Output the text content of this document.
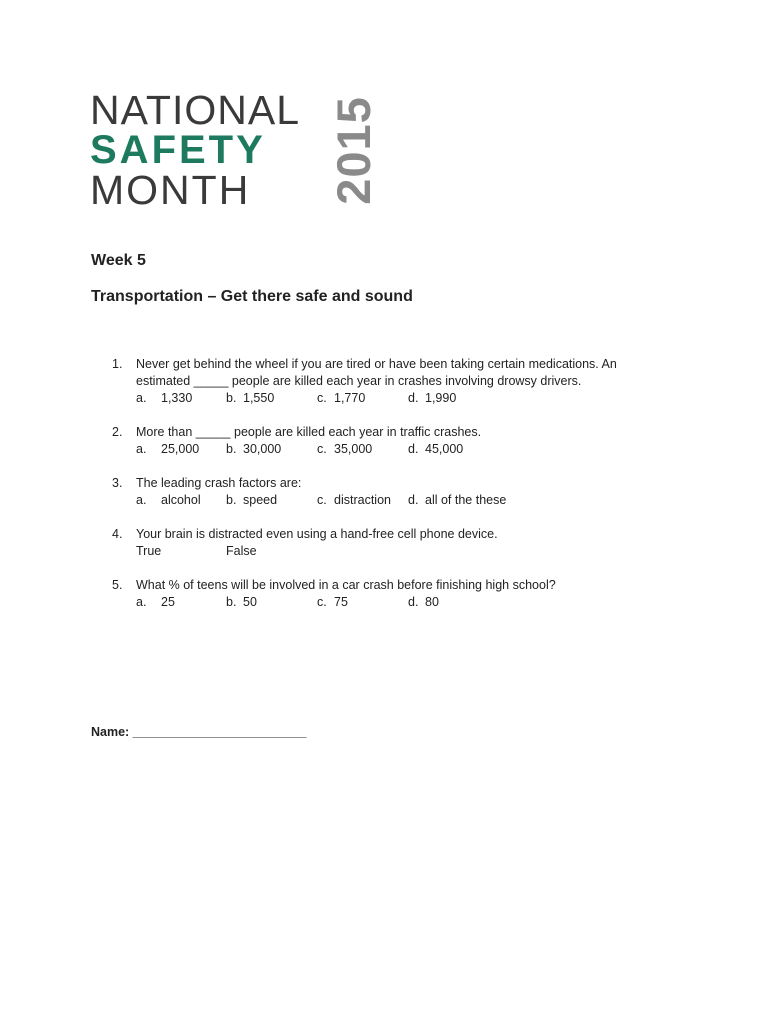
NATIONAL
SAFETY
MONTH 2015
Week 5
Transportation – Get there safe and sound
1.	Never get behind the wheel if you are tired or have been taking certain medications. An estimated _____ people are killed each year in crashes involving drowsy drivers.
a. 1,330	b. 1,550	c. 1,770	d. 1,990
2.	More than _____ people are killed each year in traffic crashes.
a. 25,000 b. 30,000	c. 35,000	d. 45,000
3.	The leading crash factors are:
a. alcohol b. speed	c. distraction d. all of the these
4.	Your brain is distracted even using a hand-free cell phone device.
True	False
5.	What % of teens will be involved in a car crash before finishing high school?
a. 25	b. 50	c. 75	d. 80
Name: _________________________
